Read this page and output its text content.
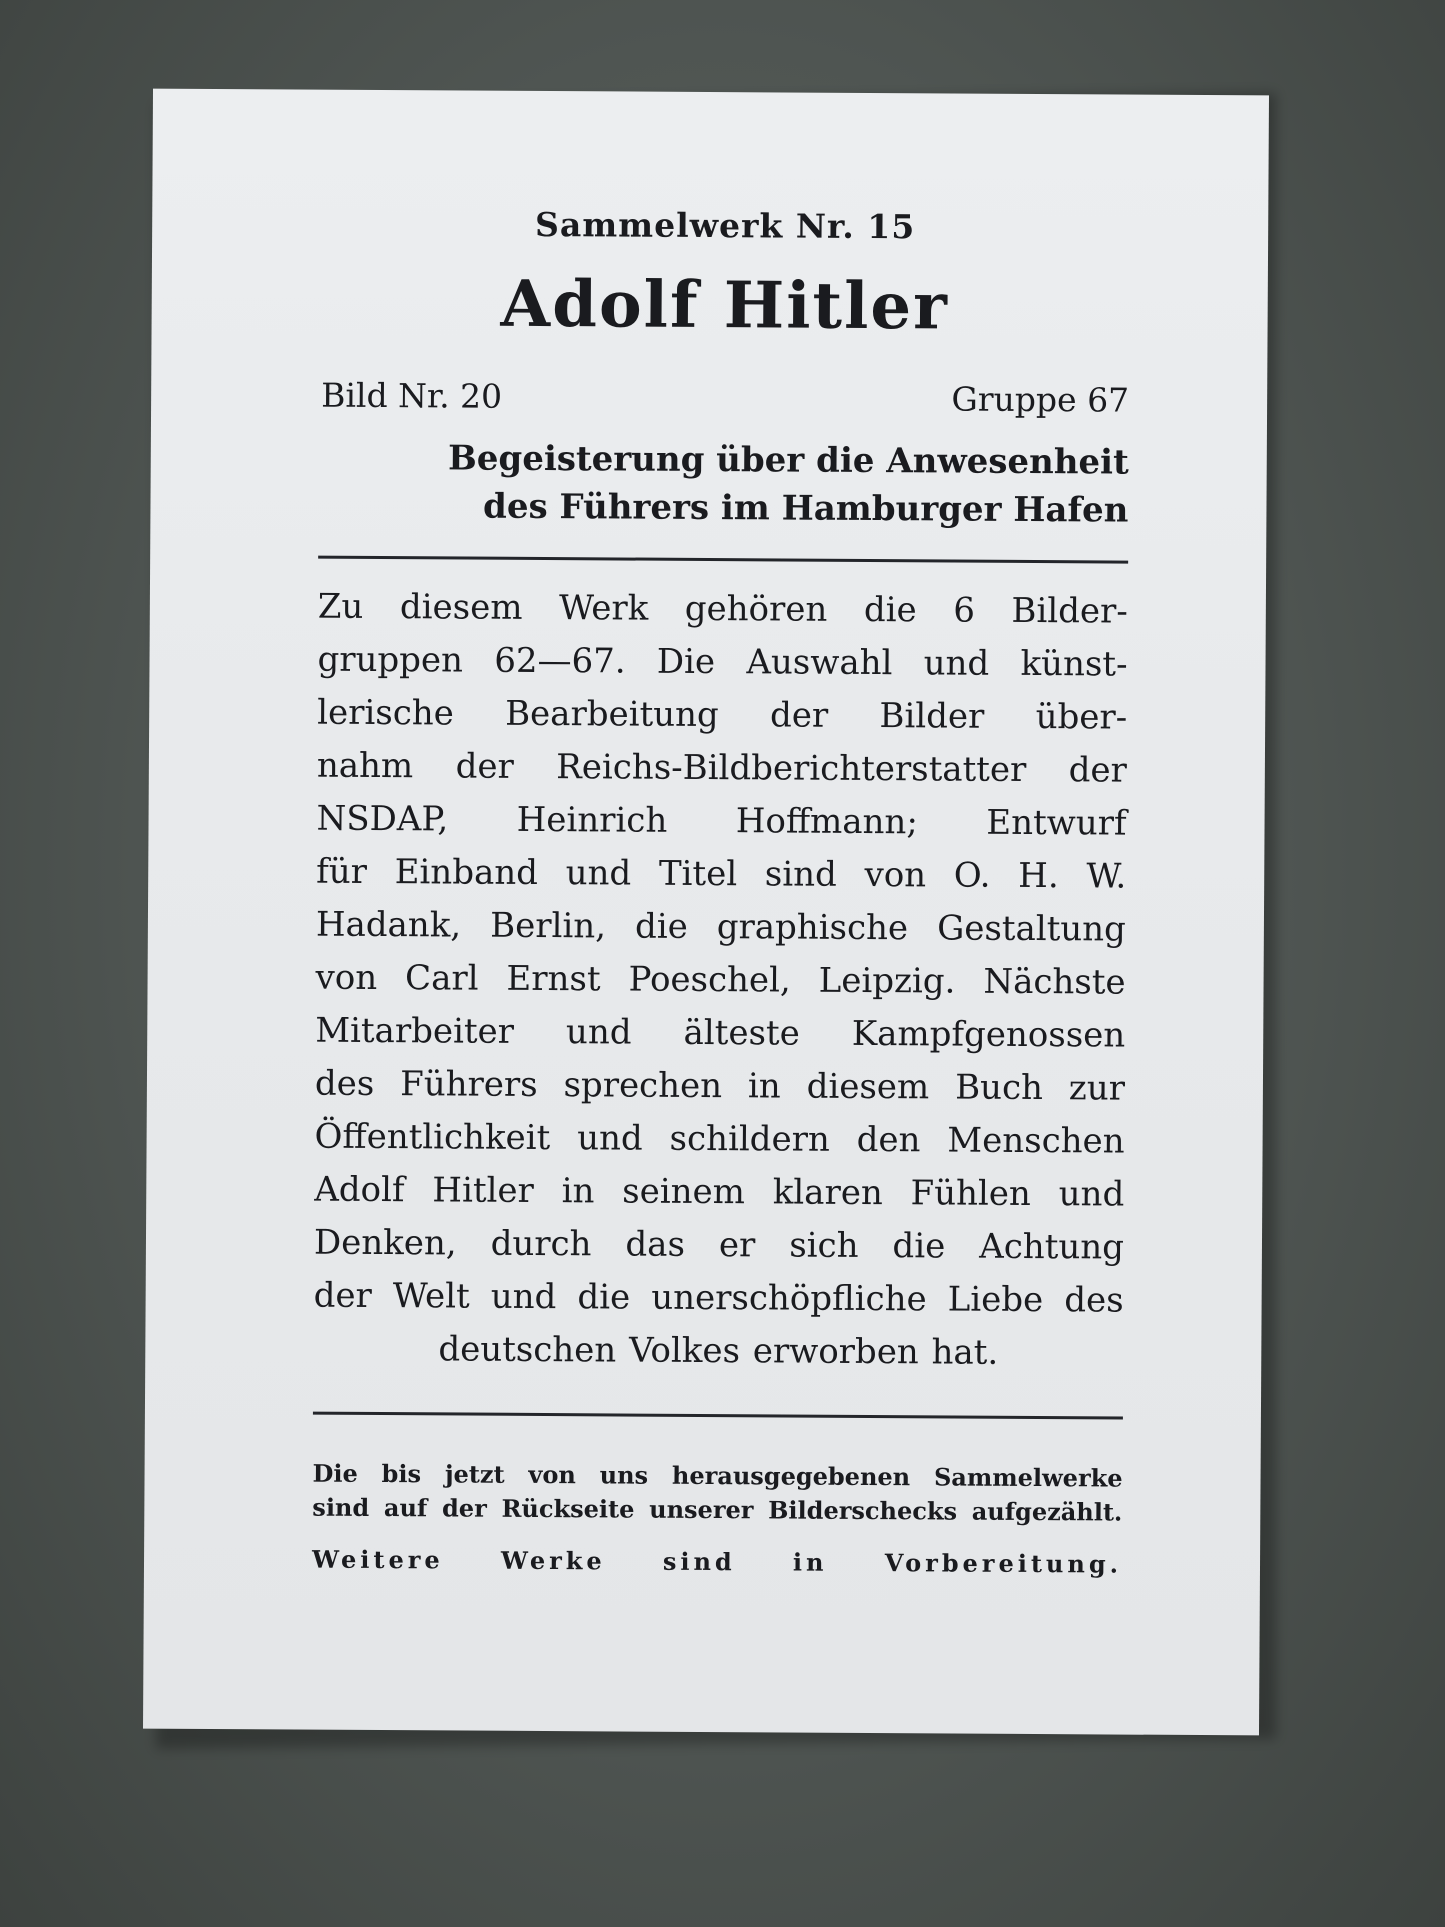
Sammelwerk Nr. 15
Adolf Hitler
Bild Nr. 20	Gruppe 67
Begeisterung über die Anwesenheit
des Führers im Hamburger Hafen
Zu diesem Werk gehören die 6 Bilder-
gruppen 62—67. Die Auswahl und künst-
lerische Bearbeitung der Bilder über-
nahm der Reichs-Bildberichterstatter der
NSDAP, Heinrich Hoffmann; Entwurf
für Einband und Titel sind von O. H. W.
Hadank, Berlin, die graphische Gestaltung
von Carl Ernst Poeschel, Leipzig. Nächste
Mitarbeiter und älteste Kampfgenossen
des Führers sprechen in diesem Buch zur
Öffentlichkeit und schildern den Menschen
Adolf Hitler in seinem klaren Fühlen und
Denken, durch das er sich die Achtung
der Welt und die unerschöpfliche Liebe des
deutschen Volkes erworben hat.
Die bis jetzt von uns herausgegebenen Sammelwerke
sind auf der Rückseite unserer Bilderschecks aufgezählt.
Weitere Werke sind in Vorbereitung.
